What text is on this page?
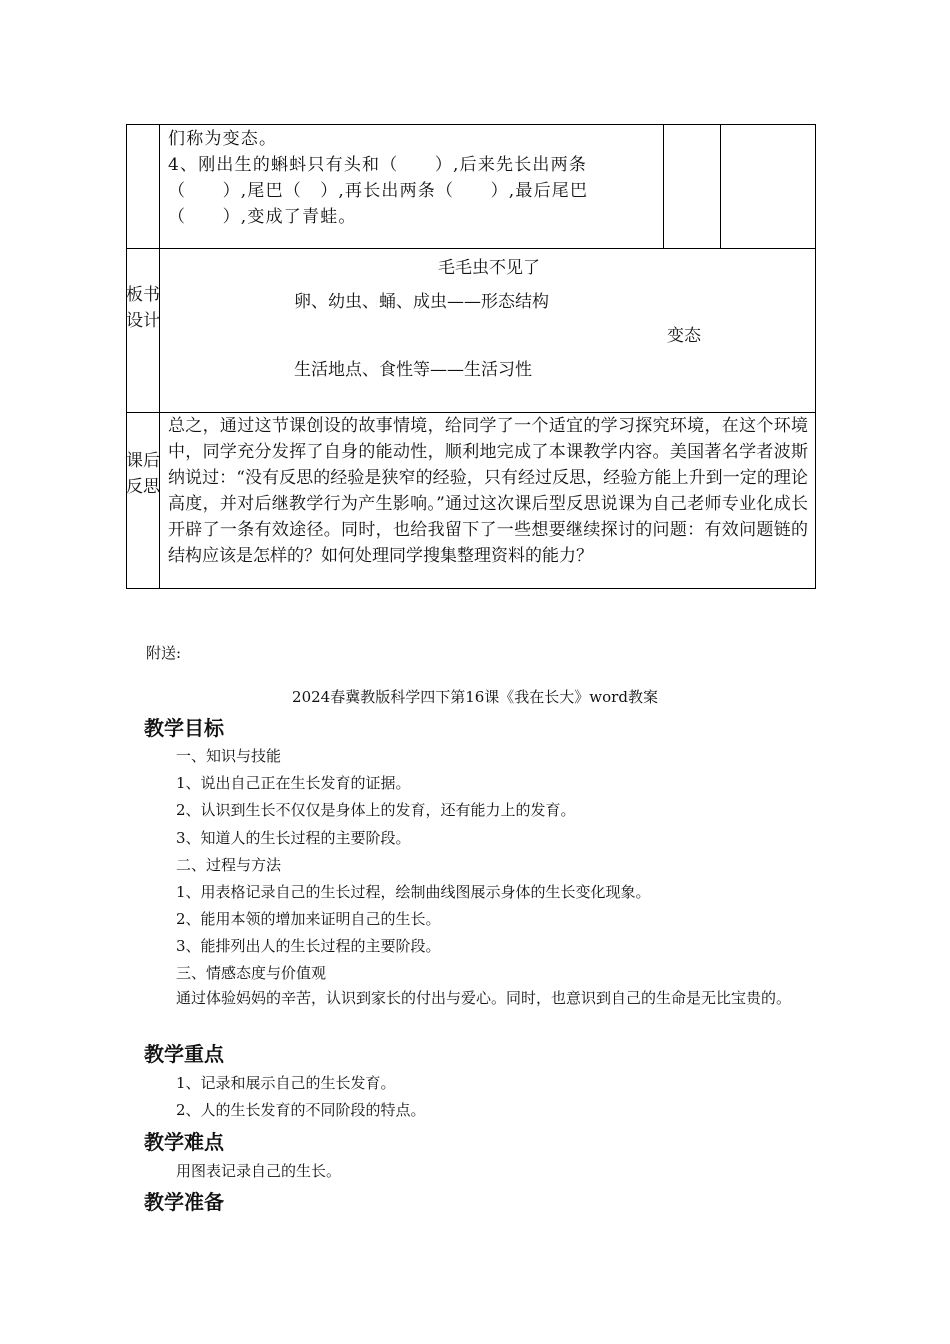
们称为变态。
4、刚出生的蝌蚪只有头和（　　）,后来先长出两条（　　）,尾巴（　）,再长出两条（　　）,最后尾巴（　　）,变成了青蛙。
板书设计
毛毛虫不见了
卵、幼虫、蛹、成虫——形态结构
变态
生活地点、食性等——生活习性
课后反思
总之，通过这节课创设的故事情境，给同学了一个适宜的学习探究环境，在这个环境中，同学充分发挥了自身的能动性，顺利地完成了本课教学内容。美国著名学者波斯纳说过：“没有反思的经验是狭窄的经验，只有经过反思，经验方能上升到一定的理论高度，并对后继教学行为产生影响。”通过这次课后型反思说课为自己老师专业化成长开辟了一条有效途径。同时，也给我留下了一些想要继续探讨的问题：有效问题链的结构应该是怎样的？如何处理同学搜集整理资料的能力？
附送:
2024春冀教版科学四下第16课《我在长大》word教案
教学目标
一、知识与技能
1、说出自己正在生长发育的证据。
2、认识到生长不仅仅是身体上的发育，还有能力上的发育。
3、知道人的生长过程的主要阶段。
二、过程与方法
1、用表格记录自己的生长过程，绘制曲线图展示身体的生长变化现象。
2、能用本领的增加来证明自己的生长。
3、能排列出人的生长过程的主要阶段。
三、情感态度与价值观
通过体验妈妈的辛苦，认识到家长的付出与爱心。同时，也意识到自己的生命是无比宝贵的。
教学重点
1、记录和展示自己的生长发育。
2、人的生长发育的不同阶段的特点。
教学难点
用图表记录自己的生长。
教学准备
